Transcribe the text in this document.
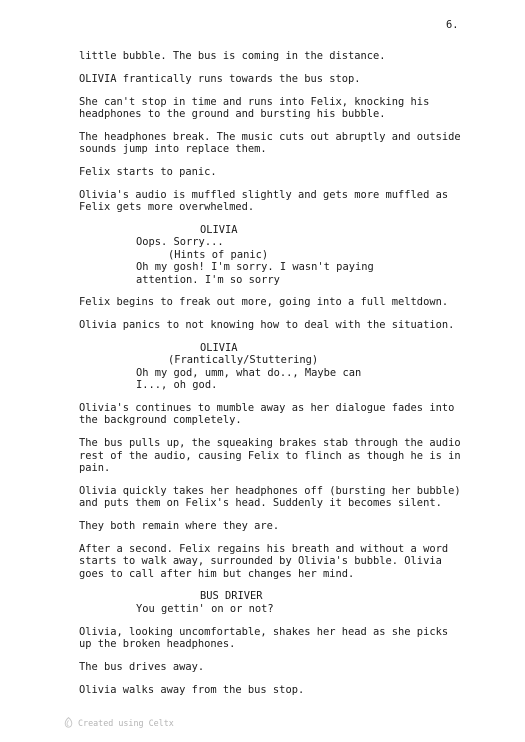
6.
little bubble. The bus is coming in the distance.
OLIVIA frantically runs towards the bus stop.
She can't stop in time and runs into Felix, knocking his
headphones to the ground and bursting his bubble.
The headphones break. The music cuts out abruptly and outside
sounds jump into replace them.
Felix starts to panic.
Olivia's audio is muffled slightly and gets more muffled as
Felix gets more overwhelmed.
OLIVIA
Oops. Sorry...
(Hints of panic)
Oh my gosh! I'm sorry. I wasn't paying
attention. I'm so sorry
Felix begins to freak out more, going into a full meltdown.
Olivia panics to not knowing how to deal with the situation.
OLIVIA
(Frantically/Stuttering)
Oh my god, umm, what do.., Maybe can
I..., oh god.
Olivia's continues to mumble away as her dialogue fades into
the background completely.
The bus pulls up, the squeaking brakes stab through the audio
rest of the audio, causing Felix to flinch as though he is in
pain.
Olivia quickly takes her headphones off (bursting her bubble)
and puts them on Felix's head. Suddenly it becomes silent.
They both remain where they are.
After a second. Felix regains his breath and without a word
starts to walk away, surrounded by Olivia's bubble. Olivia
goes to call after him but changes her mind.
BUS DRIVER
You gettin' on or not?
Olivia, looking uncomfortable, shakes her head as she picks
up the broken headphones.
The bus drives away.
Olivia walks away from the bus stop.
Created using Celtx
